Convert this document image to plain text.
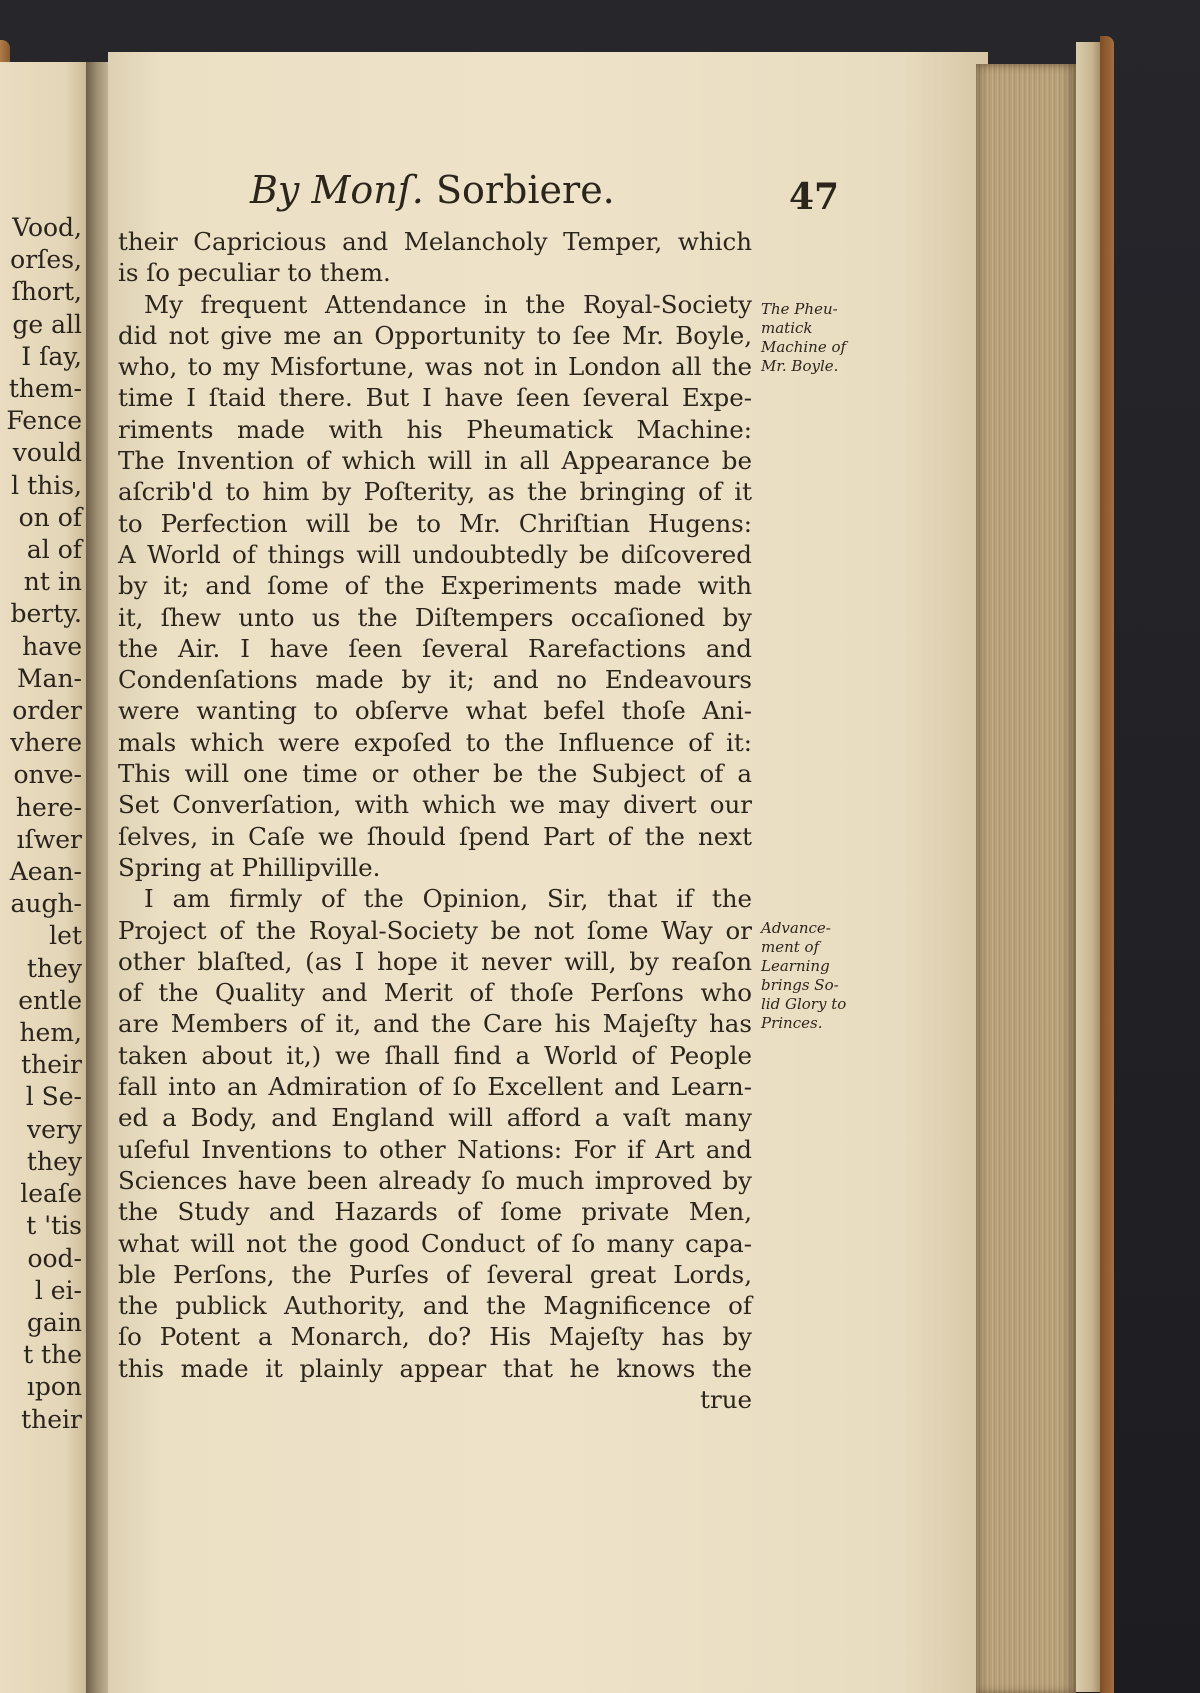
Vood,
orſes,
ſhort,
ge all
I ſay,
them-
Fence
vould
l this,
on of
al of
nt in
berty.
have
Man-
order
vhere
onve-
here-
ıſwer
Aean-
augh-
let
they
entle
hem,
their
l Se-
very
they
leaſe
t 'tis
ood-
l ei-
gain
t the
ıpon
their
By Monſ. Sorbiere.	47
their Capricious and Melancholy Temper, which
is ſo peculiar to them.
My frequent Attendance in the Royal-Society
did not give me an Opportunity to ſee Mr. Boyle,
who, to my Misfortune, was not in London all the
time I ſtaid there. But I have ſeen ſeveral Expe-
riments made with his Pheumatick Machine:
The Invention of which will in all Appearance be
aſcrib'd to him by Poſterity, as the bringing of it
to Perfection will be to Mr. Chriſtian Hugens:
A World of things will undoubtedly be diſcovered
by it; and ſome of the Experiments made with
it, ſhew unto us the Diſtempers occaſioned by
the Air. I have ſeen ſeveral Rarefactions and
Condenſations made by it; and no Endeavours
were wanting to obſerve what befel thoſe Ani-
mals which were expoſed to the Influence of it:
This will one time or other be the Subject of a
Set Converſation, with which we may divert our
ſelves, in Caſe we ſhould ſpend Part of the next
Spring at Phillipville.
I am firmly of the Opinion, Sir, that if the
Project of the Royal-Society be not ſome Way or
other blaſted, (as I hope it never will, by reaſon
of the Quality and Merit of thoſe Perſons who
are Members of it, and the Care his Majeſty has
taken about it,) we ſhall find a World of People
fall into an Admiration of ſo Excellent and Learn-
ed a Body, and England will afford a vaſt many
uſeful Inventions to other Nations: For if Art and
Sciences have been already ſo much improved by
the Study and Hazards of ſome private Men,
what will not the good Conduct of ſo many capa-
ble Perſons, the Purſes of ſeveral great Lords,
the publick Authority, and the Magnificence of
ſo Potent a Monarch, do? His Majeſty has by
this made it plainly appear that he knows the
true
The Pheu-
matick
Machine of
Mr. Boyle.
Advance-
ment of
Learning
brings So-
lid Glory to
Princes.
